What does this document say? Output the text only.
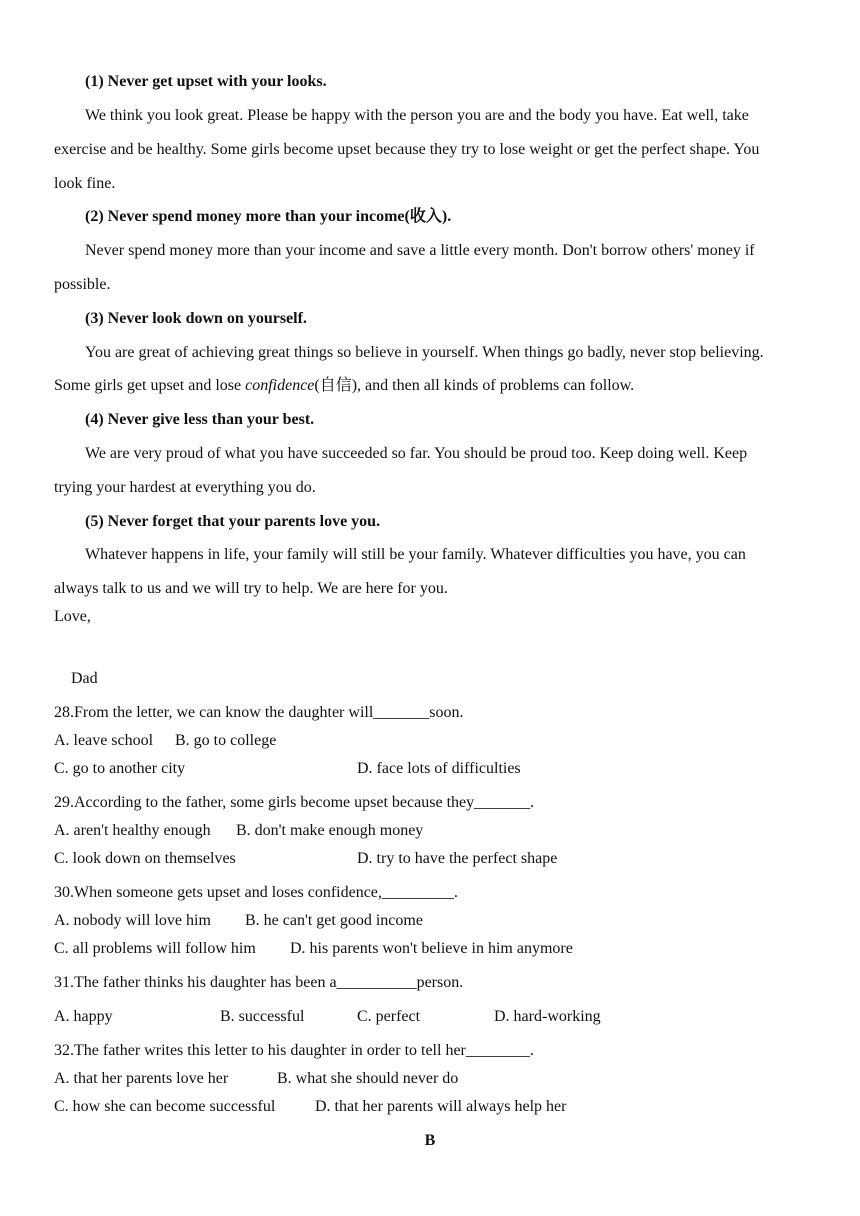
(1) Never get upset with your looks.
We think you look great. Please be happy with the person you are and the body you have. Eat well, take
exercise and be healthy. Some girls become upset because they try to lose weight or get the perfect shape. You
look fine.
(2) Never spend money more than your income(收入).
Never spend money more than your income and save a little every month. Don't borrow others' money if
possible.
(3) Never look down on yourself.
You are great of achieving great things so believe in yourself. When things go badly, never stop believing.
Some girls get upset and lose confidence(自信), and then all kinds of problems can follow.
(4) Never give less than your best.
We are very proud of what you have succeeded so far. You should be proud too. Keep doing well. Keep
trying your hardest at everything you do.
(5) Never forget that your parents love you.
Whatever happens in life, your family will still be your family. Whatever difficulties you have, you can
always talk to us and we will try to help. We are here for you.
Love,
Dad
28.From the letter, we can know the daughter will_______soon.
A. leave school B. go to college
C. go to another city	D. face lots of difficulties
29.According to the father, some girls become upset because they_______.
A. aren't healthy enough B. don't make enough money
C. look down on themselves	D. try to have the perfect shape
30.When someone gets upset and loses confidence,_________.
A. nobody will love him B. he can't get good income
C. all problems will follow him D. his parents won't believe in him anymore
31.The father thinks his daughter has been a__________person.
A. happy	B. successful	C. perfect	D. hard-working
32.The father writes this letter to his daughter in order to tell her________.
A. that her parents love her	B. what she should never do
C. how she can become successful D. that her parents will always help her
B
